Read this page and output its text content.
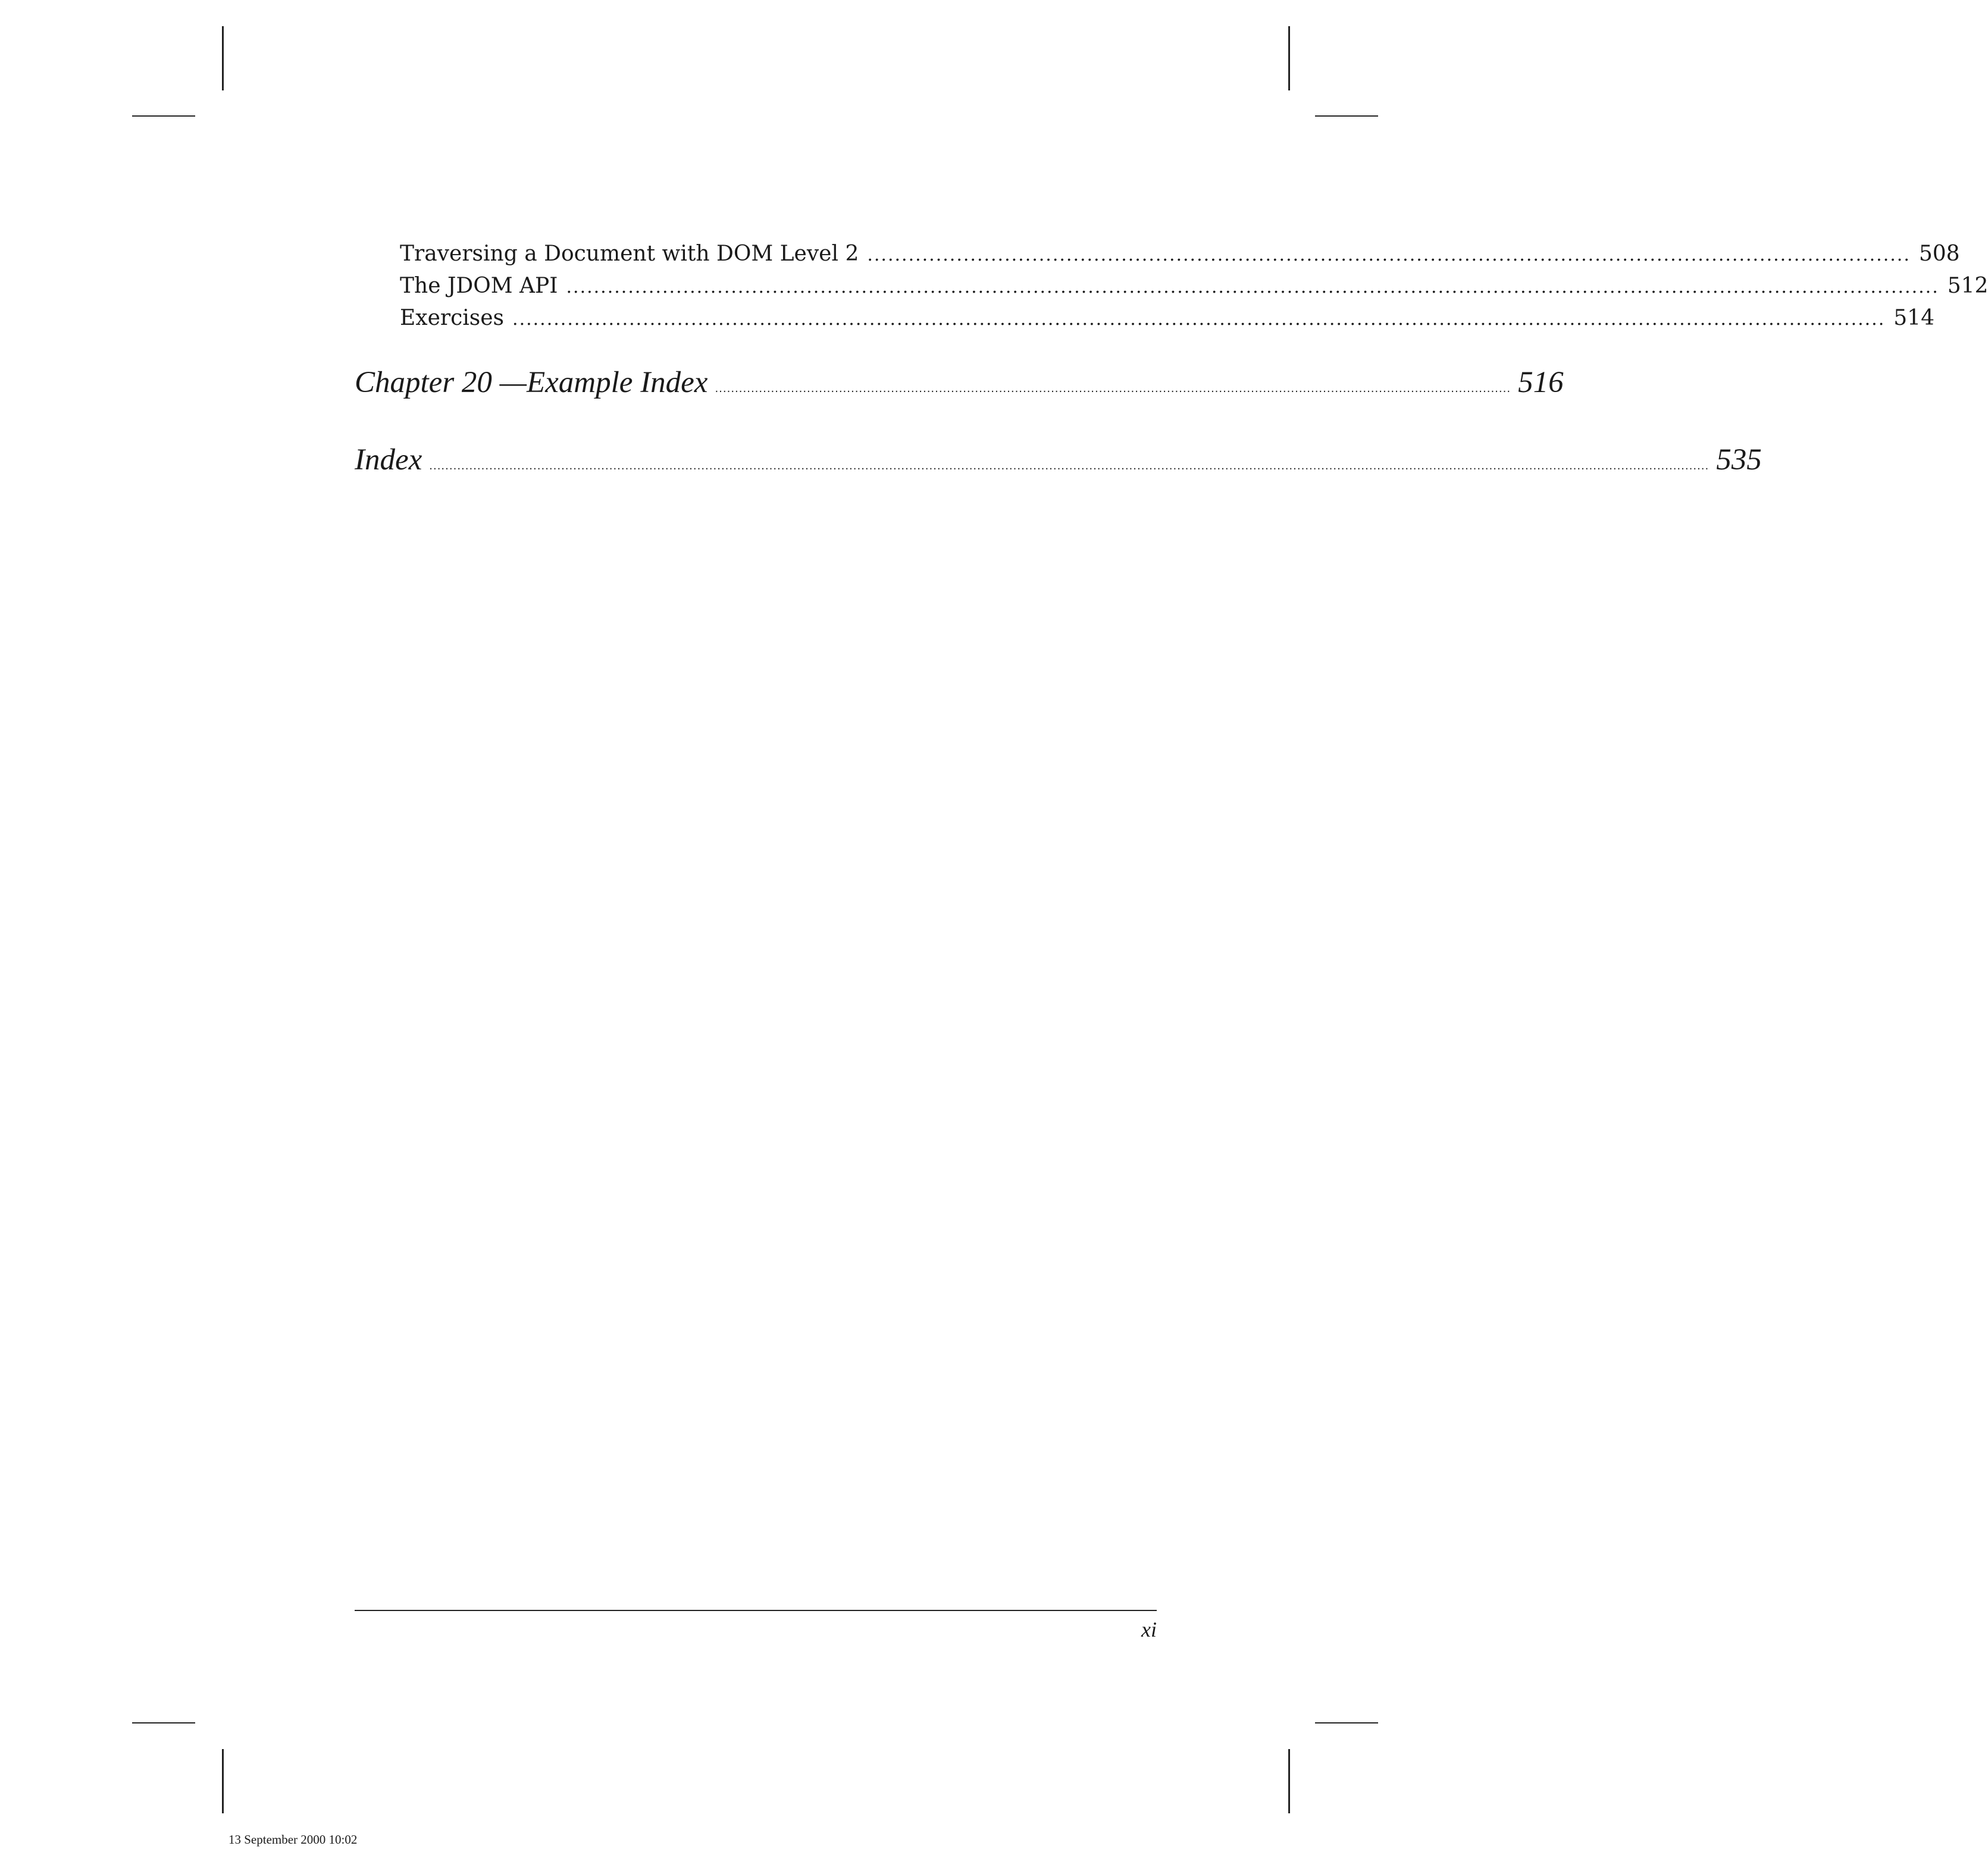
Traversing a Document with DOM Level 2 ........................................................................................................................................................ 508
The JDOM API ........................................................................................................................................................................................................ 512
Exercises ........................................................................................................................................................................................................ 514
Chapter 20 —Example Index ....................................................................................................................................................................................................... 516
Index ................................................................................................................................................................................................................................................................................................................................ 535
xi
13 September 2000 10:02
